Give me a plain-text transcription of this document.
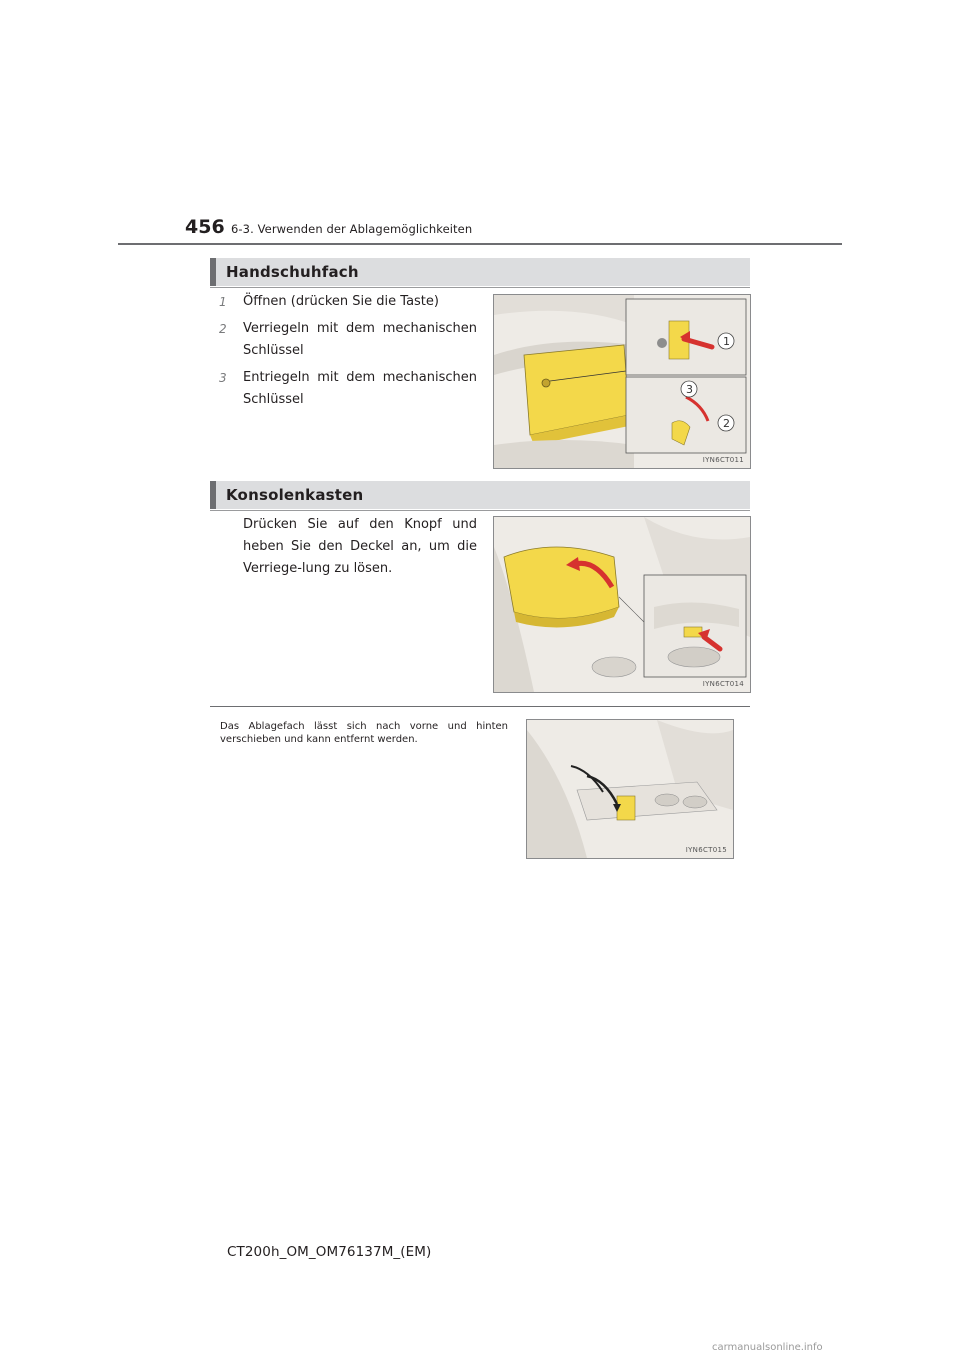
456 6-3. Verwenden der Ablagemöglichkeiten
Handschuhfach
1 Öffnen (drücken Sie die Taste)
2 Verriegeln mit dem mechanischen Schlüssel
3 Entriegeln mit dem mechanischen Schlüssel
1
3
2
IYN6CT011
Konsolenkasten
Drücken Sie auf den Knopf und heben Sie den Deckel an, um die Verriege-lung zu lösen.
IYN6CT014
Das Ablagefach lässt sich nach vorne und hinten verschieben und kann entfernt werden.
IYN6CT015
CT200h_OM_OM76137M_(EM)
carmanualsonline.info
